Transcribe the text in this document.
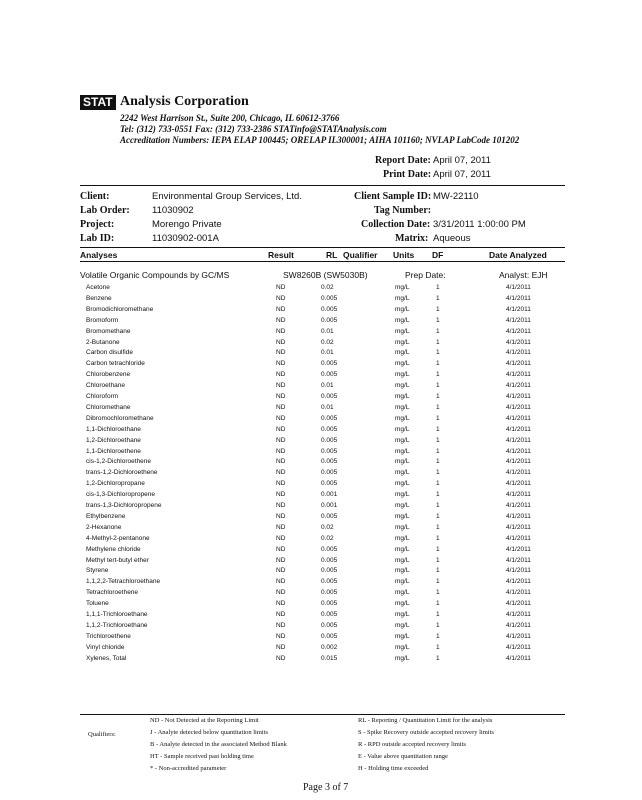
STAT Analysis Corporation
2242 West Harrison St., Suite 200, Chicago, IL 60612-3766
Tel: (312) 733-0551 Fax: (312) 733-2386 STATinfo@STATAnalysis.com
Accreditation Numbers: IEPA ELAP 100445; ORELAP IL300001; AIHA 101160; NVLAP LabCode 101202
Report Date: April 07, 2011
Print Date: April 07, 2011
Client:	Environmental Group Services, Ltd.
Lab Order: 11030902
Project:	Morengo Private
Lab ID:	11030902-001A
Client Sample ID: MW-22110
Tag Number:
Collection Date: 3/31/2011 1:00:00 PM
Matrix: Aqueous
Analyses	Result	RL Qualifier Units DF	Date Analyzed
Volatile Organic Compounds by GC/MS	SW8260B (SW5030B)	Prep Date:	Analyst: EJH
Acetone	ND	0.02	mg/L	1	4/1/2011
Benzene	ND	0.005	mg/L	1	4/1/2011
Bromodichloromethane	ND	0.005	mg/L	1	4/1/2011
Bromoform	ND	0.005	mg/L	1	4/1/2011
Bromomethane	ND	0.01	mg/L	1	4/1/2011
2-Butanone	ND	0.02	mg/L	1	4/1/2011
Carbon disulfide	ND	0.01	mg/L	1	4/1/2011
Carbon tetrachloride	ND	0.005	mg/L	1	4/1/2011
Chlorobenzene	ND	0.005	mg/L	1	4/1/2011
Chloroethane	ND	0.01	mg/L	1	4/1/2011
Chloroform	ND	0.005	mg/L	1	4/1/2011
Chloromethane	ND	0.01	mg/L	1	4/1/2011
Dibromochloromethane	ND	0.005	mg/L	1	4/1/2011
1,1-Dichloroethane	ND	0.005	mg/L	1	4/1/2011
1,2-Dichloroethane	ND	0.005	mg/L	1	4/1/2011
1,1-Dichloroethene	ND	0.005	mg/L	1	4/1/2011
cis-1,2-Dichloroethene	ND	0.005	mg/L	1	4/1/2011
trans-1,2-Dichloroethene	ND	0.005	mg/L	1	4/1/2011
1,2-Dichloropropane	ND	0.005	mg/L	1	4/1/2011
cis-1,3-Dichloropropene	ND	0.001	mg/L	1	4/1/2011
trans-1,3-Dichloropropene	ND	0.001	mg/L	1	4/1/2011
Ethylbenzene	ND	0.005	mg/L	1	4/1/2011
2-Hexanone	ND	0.02	mg/L	1	4/1/2011
4-Methyl-2-pentanone	ND	0.02	mg/L	1	4/1/2011
Methylene chloride	ND	0.005	mg/L	1	4/1/2011
Methyl tert-butyl ether	ND	0.005	mg/L	1	4/1/2011
Styrene	ND	0.005	mg/L	1	4/1/2011
1,1,2,2-Tetrachloroethane	ND	0.005	mg/L	1	4/1/2011
Tetrachloroethene	ND	0.005	mg/L	1	4/1/2011
Toluene	ND	0.005	mg/L	1	4/1/2011
1,1,1-Trichloroethane	ND	0.005	mg/L	1	4/1/2011
1,1,2-Trichloroethane	ND	0.005	mg/L	1	4/1/2011
Trichloroethene	ND	0.005	mg/L	1	4/1/2011
Vinyl chloride	ND	0.002	mg/L	1	4/1/2011
Xylenes, Total	ND	0.015	mg/L	1	4/1/2011
Qualifiers:
ND - Not Detected at the Reporting Limit
J - Analyte detected below quantitation limits
B - Analyte detected in the associated Method Blank
HT - Sample received past holding time
* - Non-accredited parameter
RL - Reporting / Quantitation Limit for the analysis
S - Spike Recovery outside accepted recovery limits
R - RPD outside accepted recovery limits
E - Value above quantitation range
H - Holding time exceeded
Page 3 of 7
